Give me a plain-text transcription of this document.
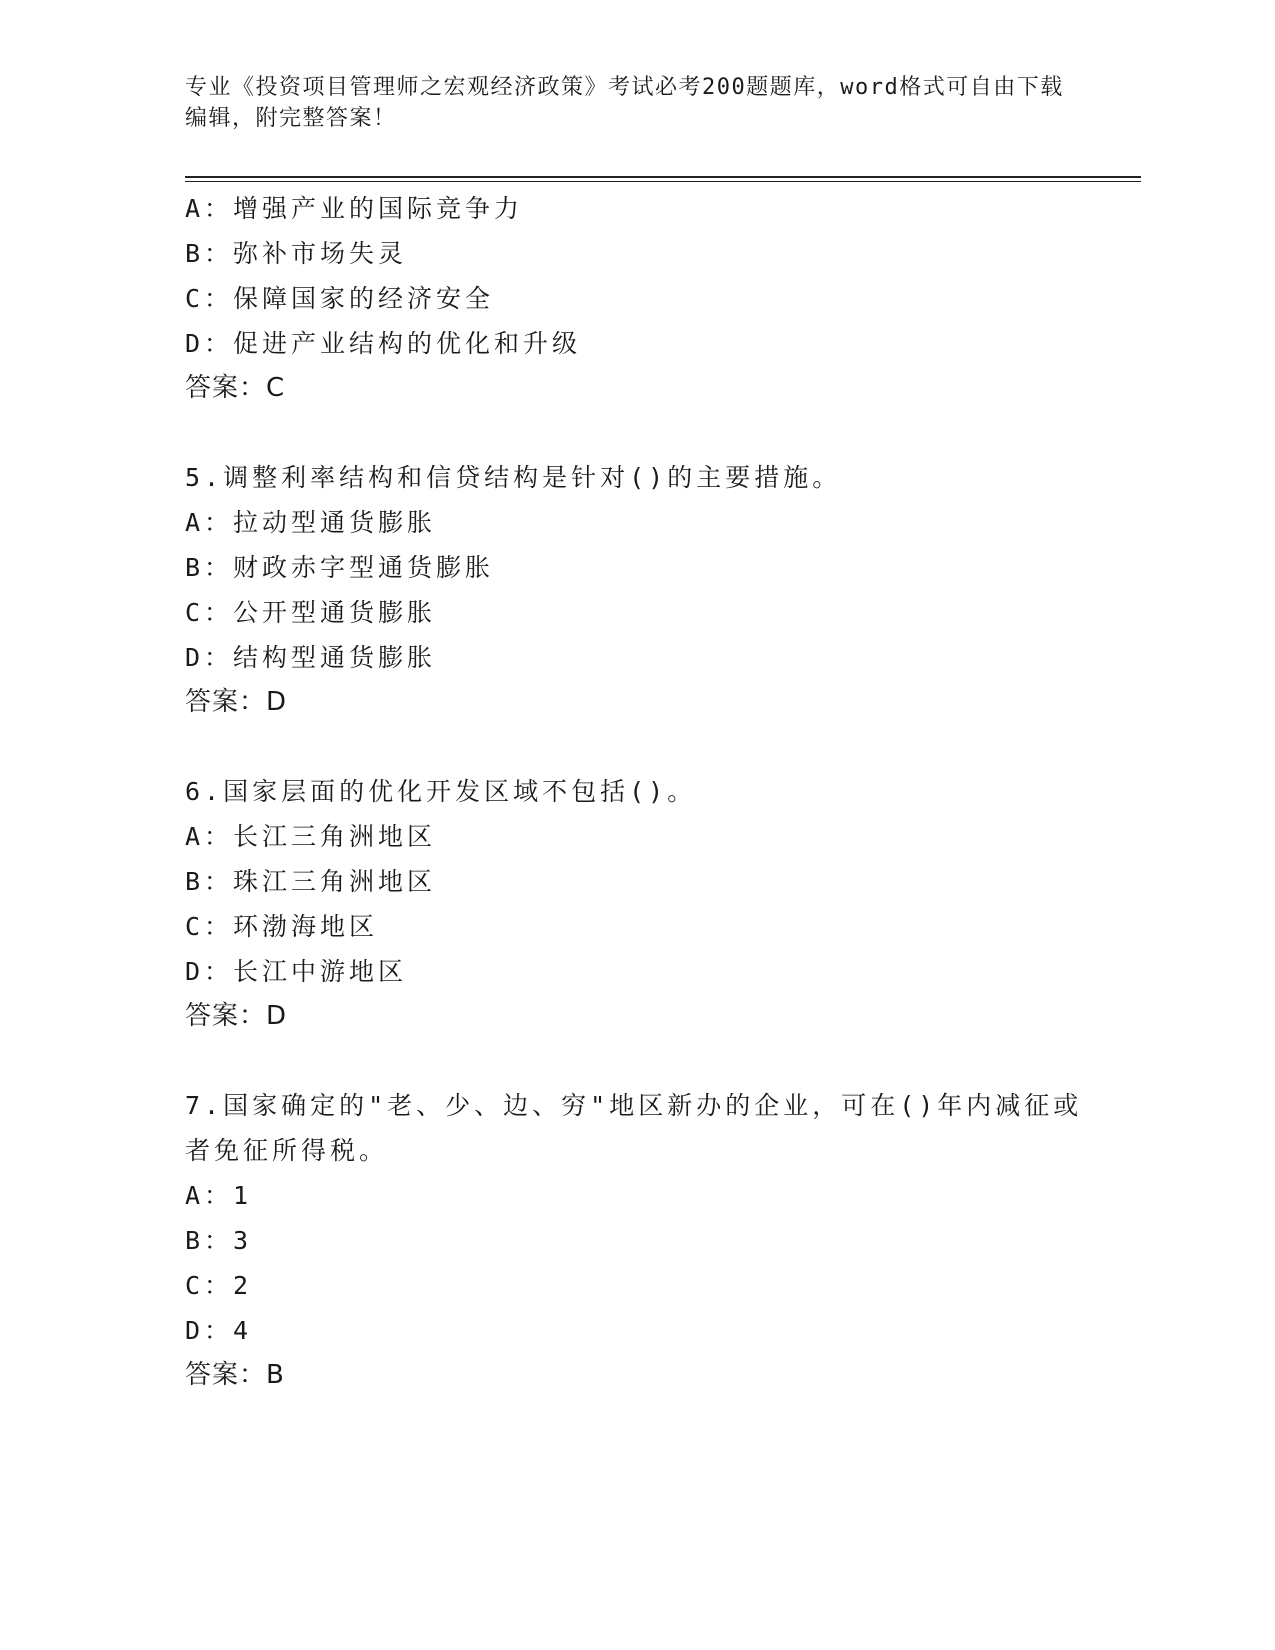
专业《投资项目管理师之宏观经济政策》考试必考200题题库，word格式可自由下载编辑，附完整答案！
A：增强产业的国际竞争力
B：弥补市场失灵
C：保障国家的经济安全
D：促进产业结构的优化和升级
答案：C
5.调整利率结构和信贷结构是针对()的主要措施。
A：拉动型通货膨胀
B：财政赤字型通货膨胀
C：公开型通货膨胀
D：结构型通货膨胀
答案：D
6.国家层面的优化开发区域不包括()。
A：长江三角洲地区
B：珠江三角洲地区
C：环渤海地区
D：长江中游地区
答案：D
7.国家确定的"老、少、边、穷"地区新办的企业，可在()年内减征或者免征所得税。
A：1
B：3
C：2
D：4
答案：B
